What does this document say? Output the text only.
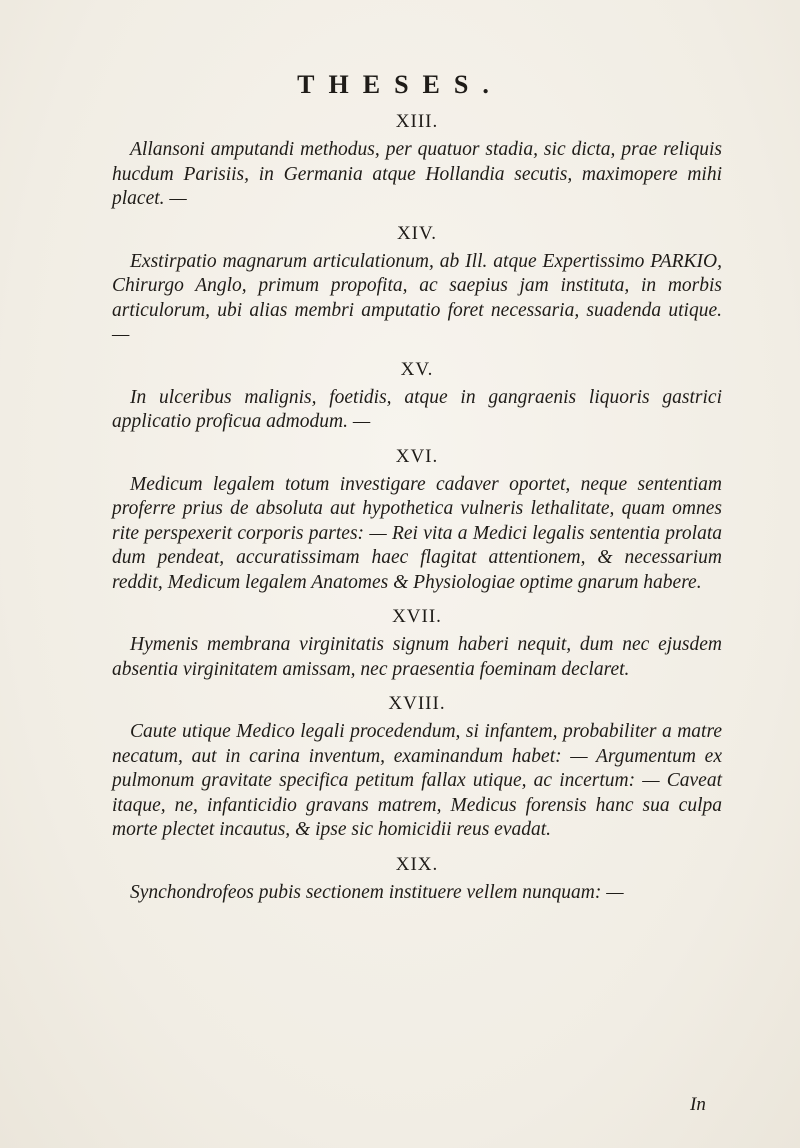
THESES.

XIII.

Allansoni amputandi methodus, per quatuor stadia, sic dicta, prae reliquis hucdum Parisiis, in Germania atque Hollandia secutis, maximopere mihi placet. —

XIV.

Exstirpatio magnarum articulationum, ab Ill. atque Expertissimo PARKIO, Chirurgo Anglo, primum propofita, ac saepius jam instituta, in morbis articulorum, ubi alias membri amputatio foret necessaria, suadenda utique. —

XV.

In ulceribus malignis, foetidis, atque in gangraenis liquoris gastrici applicatio proficua admodum. —

XVI.

Medicum legalem totum investigare cadaver oportet, neque sententiam proferre prius de absoluta aut hypothetica vulneris lethalitate, quam omnes rite perspexerit corporis partes: — Rei vita a Medici legalis sententia prolata dum pendeat, accuratissimam haec flagitat attentionem, & necessarium reddit, Medicum legalem Anatomes & Physiologiae optime gnarum habere.

XVII.

Hymenis membrana virginitatis signum haberi nequit, dum nec ejusdem absentia virginitatem amissam, nec praesentia foeminam declaret.

XVIII.

Caute utique Medico legali procedendum, si infantem, probabiliter a matre necatum, aut in carina inventum, examinandum habet: — Argumentum ex pulmonum gravitate specifica petitum fallax utique, ac incertum: — Caveat itaque, ne, infanticidio gravans matrem, Medicus forensis hanc sua culpa morte plectet incautus, & ipse sic homicidii reus evadat.

XIX.

Synchondrofeos pubis sectionem instituere vellem nunquam: —

In
